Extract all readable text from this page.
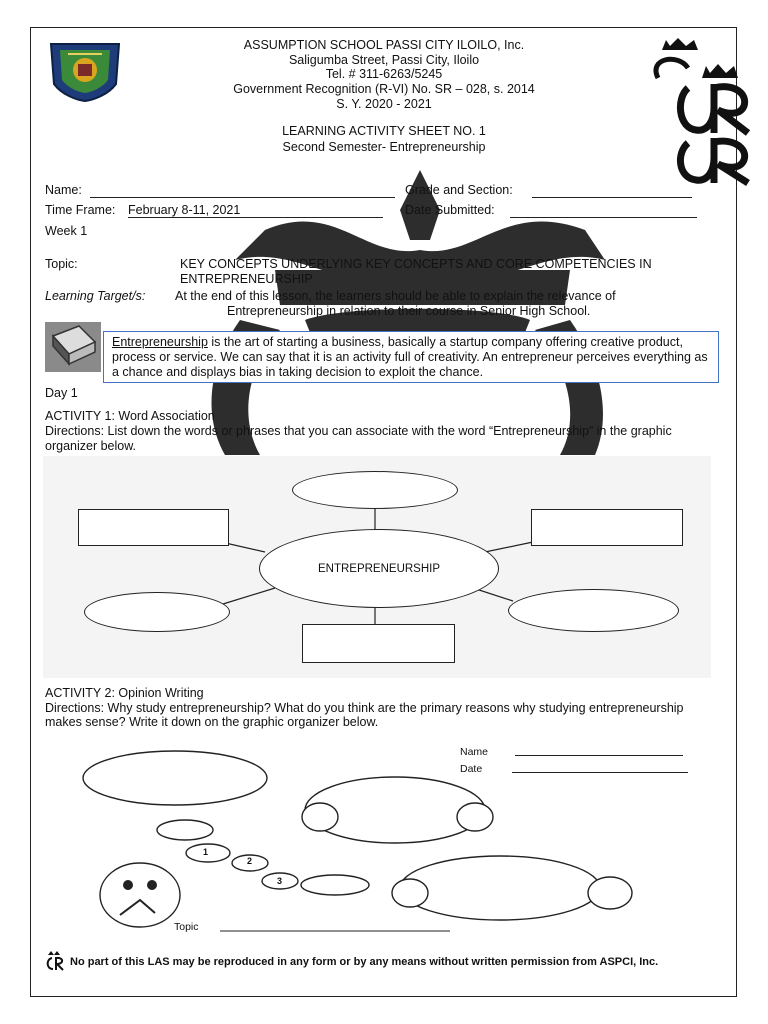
ASSUMPTION SCHOOL PASSI CITY ILOILO, Inc.
Saligumba Street, Passi City, Iloilo
Tel. # 311-6263/5245
Government Recognition (R-VI) No. SR – 028, s. 2014
S. Y. 2020 - 2021
LEARNING ACTIVITY SHEET NO. 1
Second Semester- Entrepreneurship
Name:	Grade and Section:
Time Frame: February 8-11, 2021	Date Submitted:
Week 1
Topic:	KEY CONCEPTS UNDERLYING KEY CONCEPTS AND CORE COMPETENCIES IN ENTREPRENEURSHIP
Learning Target/s: At the end of this lesson, the learners should be able to explain the relevance of
Entrepreneurship in relation to their course in Senior High School.
Entrepreneurship is the art of starting a business, basically a startup company offering creative product, process or service. We can say that it is an activity full of creativity. An entrepreneur perceives everything as a chance and displays bias in taking decision to exploit the chance.
Day 1
ACTIVITY 1: Word Association
Directions: List down the words or phrases that you can associate with the word “Entrepreneurship” in the graphic organizer below.
ENTREPRENEURSHIP
ACTIVITY 2: Opinion Writing
Directions: Why study entrepreneurship? What do you think are the primary reasons why studying entrepreneurship makes sense? Write it down on the graphic organizer below.
Name
Date
1
2
3
Topic
No part of this LAS may be reproduced in any form or by any means without written permission from ASPCI, Inc.
